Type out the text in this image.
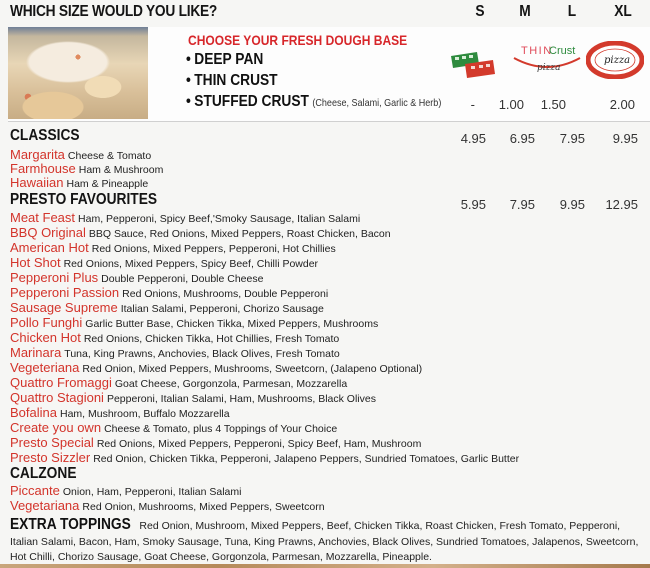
WHICH SIZE WOULD YOU LIKE?	S	M	L	XL
CHOOSE YOUR FRESH DOUGH BASE
• DEEP PAN
• THIN CRUST
• STUFFED CRUST (Cheese, Salami, Garlic & Herb)	-	1.00	1.50	2.00
THIN
Crust
pizza
pizza
CLASSICS	4.95	6.95	7.95	9.95
Margarita Cheese & Tomato
Farmhouse Ham & Mushroom
Hawaiian Ham & Pineapple
PRESTO FAVOURITES	5.95	7.95	9.95	12.95
Meat Feast Ham, Pepperoni, Spicy Beef,'Smoky Sausage, Italian Salami
BBQ Original BBQ Sauce, Red Onions, Mixed Peppers, Roast Chicken, Bacon
American Hot Red Onions, Mixed Peppers, Pepperoni, Hot Chillies
Hot Shot Red Onions, Mixed Peppers, Spicy Beef, Chilli Powder
Pepperoni Plus Double Pepperoni, Double Cheese
Pepperoni Passion Red Onions, Mushrooms, Double Pepperoni
Sausage Supreme Italian Salami, Pepperoni, Chorizo Sausage
Pollo Funghi Garlic Butter Base, Chicken Tikka, Mixed Peppers, Mushrooms
Chicken Hot Red Onions, Chicken Tikka, Hot Chillies, Fresh Tomato
Marinara Tuna, King Prawns, Anchovies, Black Olives, Fresh Tomato
Vegeteriana Red Onion, Mixed Peppers, Mushrooms, Sweetcorn, (Jalapeno Optional)
Quattro Fromaggi Goat Cheese, Gorgonzola, Parmesan, Mozzarella
Quattro Stagioni Pepperoni, Italian Salami, Ham, Mushrooms, Black Olives
Bofalina Ham, Mushroom, Buffalo Mozzarella
Create you own Cheese & Tomato, plus 4 Toppings of Your Choice
Presto Special Red Onions, Mixed Peppers, Pepperoni, Spicy Beef, Ham, Mushroom
Presto Sizzler Red Onion, Chicken Tikka, Pepperoni, Jalapeno Peppers, Sundried Tomatoes, Garlic Butter
CALZONE
Piccante Onion, Ham, Pepperoni, Italian Salami
Vegetariana Red Onion, Mushrooms, Mixed Peppers, Sweetcorn
EXTRA TOPPINGS Red Onion, Mushroom, Mixed Peppers, Beef, Chicken Tikka, Roast Chicken, Fresh Tomato, Pepperoni, Italian Salami, Bacon, Ham, Smoky Sausage, Tuna, King Prawns, Anchovies, Black Olives, Sundried Tomatoes, Jalapenos, Sweetcorn, Hot Chilli, Chorizo Sausage, Goat Cheese, Gorgonzola, Parmesan, Mozzarella, Pineapple.
